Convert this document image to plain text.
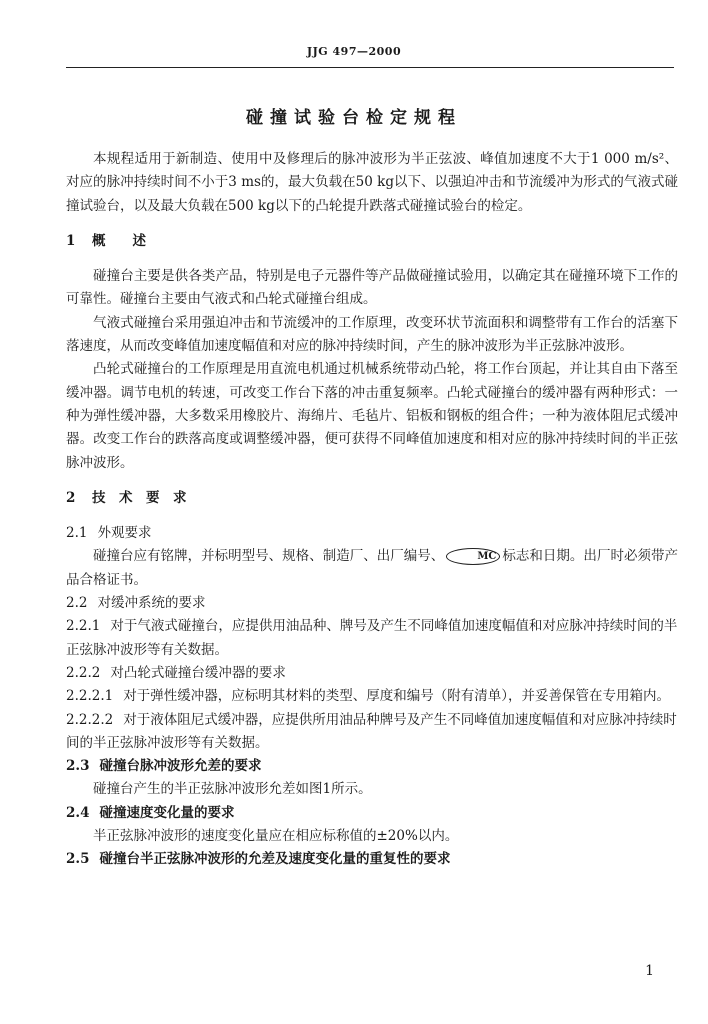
JJG 497—2000
碰撞试验台检定规程

本规程适用于新制造、使用中及修理后的脉冲波形为半正弦波、峰值加速度不大于1 000 m/s²、对应的脉冲持续时间不小于3 ms的，最大负载在50 kg以下、以强迫冲击和节流缓冲为形式的气液式碰撞试验台，以及最大负载在500 kg以下的凸轮提升跌落式碰撞试验台的检定。

1 概　　述

碰撞台主要是供各类产品，特别是电子元器件等产品做碰撞试验用，以确定其在碰撞环境下工作的可靠性。碰撞台主要由气液式和凸轮式碰撞台组成。

气液式碰撞台采用强迫冲击和节流缓冲的工作原理，改变环状节流面积和调整带有工作台的活塞下落速度，从而改变峰值加速度幅值和对应的脉冲持续时间，产生的脉冲波形为半正弦脉冲波形。

凸轮式碰撞台的工作原理是用直流电机通过机械系统带动凸轮，将工作台顶起，并让其自由下落至缓冲器。调节电机的转速，可改变工作台下落的冲击重复频率。凸轮式碰撞台的缓冲器有两种形式：一种为弹性缓冲器，大多数采用橡胶片、海绵片、毛毡片、铝板和钢板的组合件；一种为液体阻尼式缓冲器。改变工作台的跌落高度或调整缓冲器，便可获得不同峰值加速度和相对应的脉冲持续时间的半正弦脉冲波形。

2 技　术　要　求

2.1 外观要求

碰撞台应有铭牌，并标明型号、规格、制造厂、出厂编号、	MC 标志和日期。出厂时必须带产品合格证书。

2.2 对缓冲系统的要求

2.2.1 对于气液式碰撞台，应提供用油品种、牌号及产生不同峰值加速度幅值和对应脉冲持续时间的半正弦脉冲波形等有关数据。

2.2.2 对凸轮式碰撞台缓冲器的要求

2.2.2.1 对于弹性缓冲器，应标明其材料的类型、厚度和编号（附有清单），并妥善保管在专用箱内。

2.2.2.2 对于液体阻尼式缓冲器，应提供所用油品种牌号及产生不同峰值加速度幅值和对应脉冲持续时间的半正弦脉冲波形等有关数据。

2.3 碰撞台脉冲波形允差的要求

碰撞台产生的半正弦脉冲波形允差如图1所示。

2.4 碰撞速度变化量的要求

半正弦脉冲波形的速度变化量应在相应标称值的±20%以内。

2.5 碰撞台半正弦脉冲波形的允差及速度变化量的重复性的要求

1
